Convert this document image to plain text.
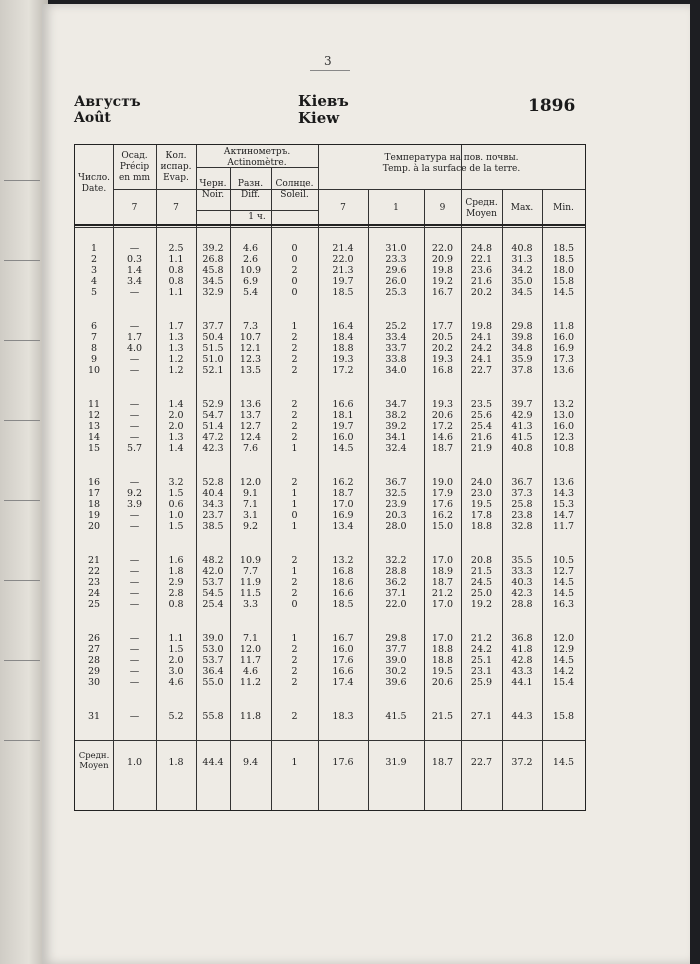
3
Августъ
Août
Кіевъ
Kiew
1896
Число.
Date.
Осад.
Précip
en mm
Кол.
испар.
Evap.
Актинометръ.
Actinomètre.	Температура на пов. почвы.
Temp. à la surface de la terre.
Черн.
Noir.
Разн.
Diff.
Солнце.
Soleil.
1 ч.
7	7	7	1	9	Средн.
Moyen
Max.	Min.
1	—	2.5	39.2	4.6	0	21.4	31.0	22.0	24.8	40.8	18.5
2	0.3	1.1	26.8	2.6	0	22.0	23.3	20.9	22.1	31.3	18.5
3	1.4	0.8	45.8	10.9	2	21.3	29.6	19.8	23.6	34.2	18.0
4	3.4	0.8	34.5	6.9	0	19.7	26.0	19.2	21.6	35.0	15.8
5	—	1.1	32.9	5.4	0	18.5	25.3	16.7	20.2	34.5	14.5
6	—	1.7	37.7	7.3	1	16.4	25.2	17.7	19.8	29.8	11.8
7	1.7	1.3	50.4	10.7	2	18.4	33.4	20.5	24.1	39.8	16.0
8	4.0	1.3	51.5	12.1	2	18.8	33.7	20.2	24.2	34.8	16.9
9	—	1.2	51.0	12.3	2	19.3	33.8	19.3	24.1	35.9	17.3
10	—	1.2	52.1	13.5	2	17.2	34.0	16.8	22.7	37.8	13.6
11	—	1.4	52.9	13.6	2	16.6	34.7	19.3	23.5	39.7	13.2
12	—	2.0	54.7	13.7	2	18.1	38.2	20.6	25.6	42.9	13.0
13	—	2.0	51.4	12.7	2	19.7	39.2	17.2	25.4	41.3	16.0
14	—	1.3	47.2	12.4	2	16.0	34.1	14.6	21.6	41.5	12.3
15	5.7	1.4	42.3	7.6	1	14.5	32.4	18.7	21.9	40.8	10.8
16	—	3.2	52.8	12.0	2	16.2	36.7	19.0	24.0	36.7	13.6
17	9.2	1.5	40.4	9.1	1	18.7	32.5	17.9	23.0	37.3	14.3
18	3.9	0.6	34.3	7.1	1	17.0	23.9	17.6	19.5	25.8	15.3
19	—	1.0	23.7	3.1	0	16.9	20.3	16.2	17.8	23.8	14.7
20	—	1.5	38.5	9.2	1	13.4	28.0	15.0	18.8	32.8	11.7
21	—	1.6	48.2	10.9	2	13.2	32.2	17.0	20.8	35.5	10.5
22	—	1.8	42.0	7.7	1	16.8	28.8	18.9	21.5	33.3	12.7
23	—	2.9	53.7	11.9	2	18.6	36.2	18.7	24.5	40.3	14.5
24	—	2.8	54.5	11.5	2	16.6	37.1	21.2	25.0	42.3	14.5
25	—	0.8	25.4	3.3	0	18.5	22.0	17.0	19.2	28.8	16.3
26	—	1.1	39.0	7.1	1	16.7	29.8	17.0	21.2	36.8	12.0
27	—	1.5	53.0	12.0	2	16.0	37.7	18.8	24.2	41.8	12.9
28	—	2.0	53.7	11.7	2	17.6	39.0	18.8	25.1	42.8	14.5
29	—	3.0	36.4	4.6	2	16.6	30.2	19.5	23.1	43.3	14.2
30	—	4.6	55.0	11.2	2	17.4	39.6	20.6	25.9	44.1	15.4
31	—	5.2	55.8	11.8	2	18.3	41.5	21.5	27.1	44.3	15.8
Средн.
Moyen	1.0	1.8	44.4	9.4	1	17.6	31.9	18.7	22.7	37.2	14.5
